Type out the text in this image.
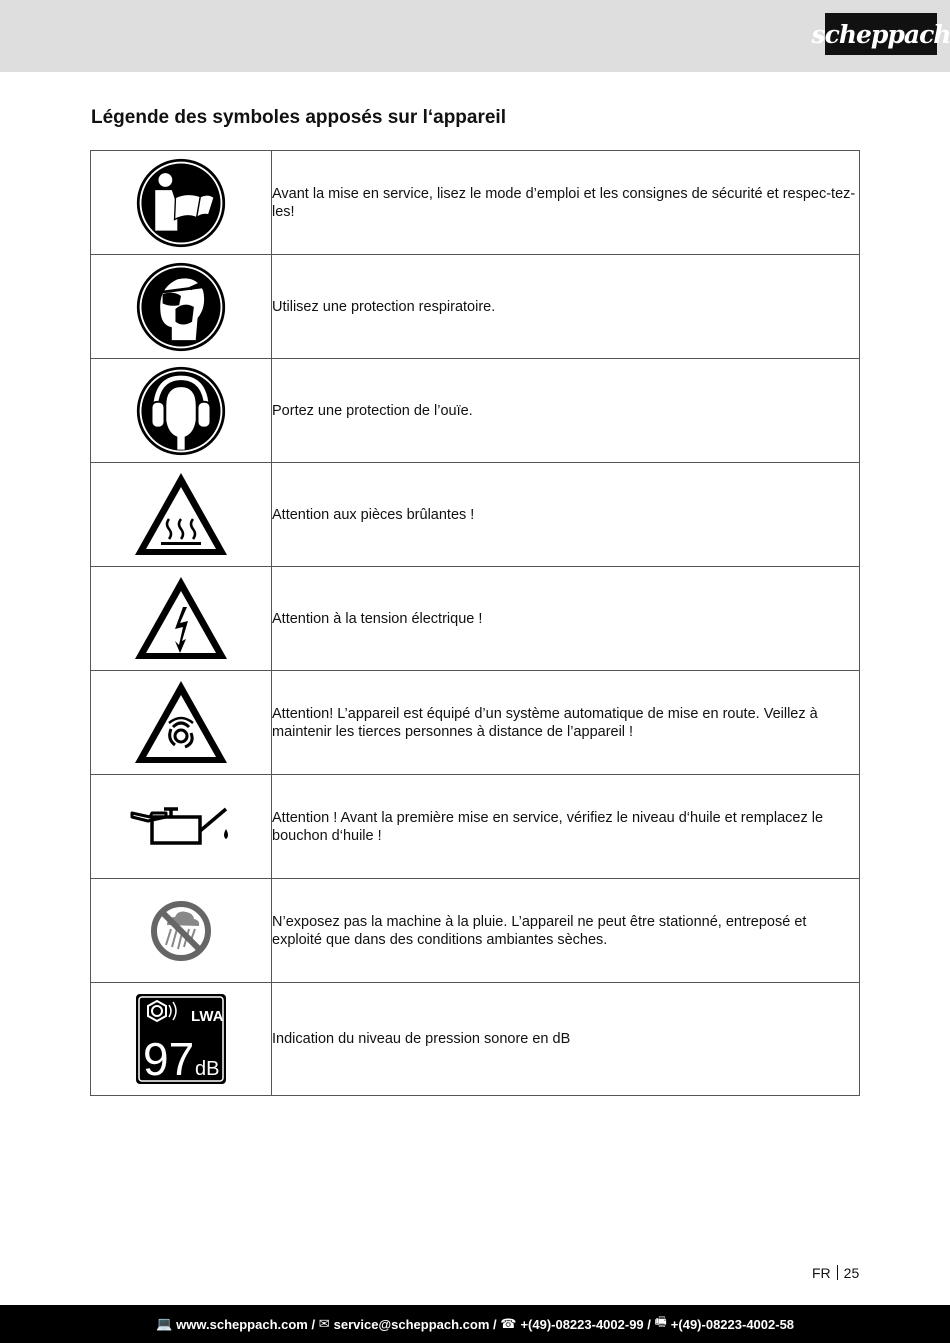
scheppach
Légende des symboles apposés sur l‘appareil
	Avant la mise en service, lisez le mode d’emploi et les consignes de sécurité et respec-tez-les!

	Utilisez une protection respiratoire.

	Portez une protection de l’ouïe.

	Attention aux pièces brûlantes !

	Attention à la tension électrique !

	Attention! L’appareil est équipé d’un système automatique de mise en route. Veillez à maintenir les tierces personnes à distance de l’appareil !

	Attention ! Avant la première mise en service, vérifiez le niveau d‘huile et remplacez le bouchon d‘huile !

	N’exposez pas la machine à la pluie. L’appareil ne peut être stationné, entreposé et exploité que dans des conditions ambiantes sèches.

LWA
97 dB	Indication du niveau de pression sonore en dB
FR 25
💻 www.scheppach.com / ✉ service@scheppach.com / ☎ +(49)-08223-4002-99 / 🖷 +(49)-08223-4002-58
